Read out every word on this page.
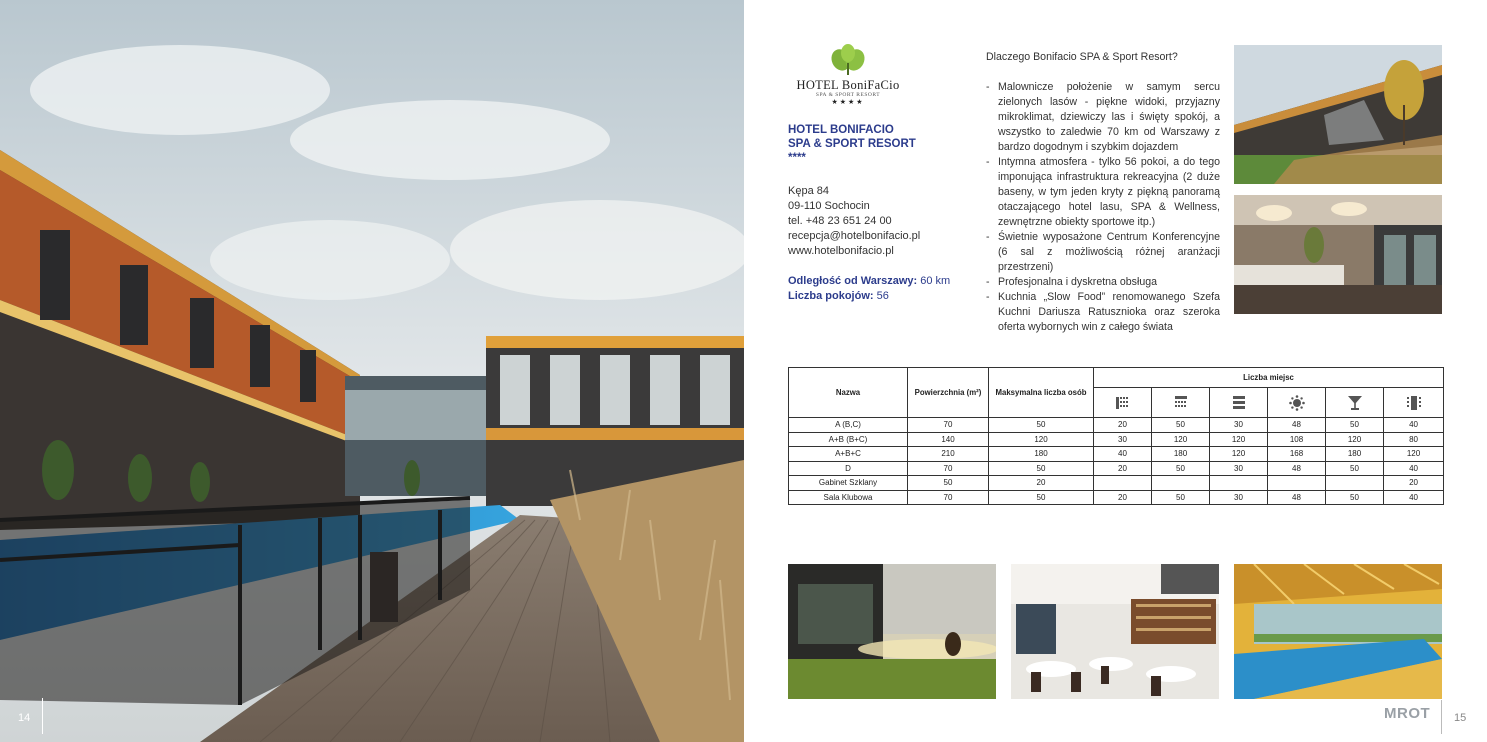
14
HOTEL BoniFaCio
SPA & SPORT RESORT
★★★★
HOTEL BONIFACIO
SPA & SPORT RESORT
****
Kępa 84
09-110 Sochocin
tel. +48 23 651 24 00
recepcja@hotelbonifacio.pl
www.hotelbonifacio.pl
Odległość od Warszawy: 60 km
Liczba pokojów: 56
Dlaczego Bonifacio SPA & Sport Resort?
- Malownicze położenie w samym sercu zielonych lasów - piękne widoki, przyjazny mikroklimat, dziewiczy las i święty spokój, a wszystko to zaledwie 70 km od Warszawy z bardzo dogodnym i szybkim dojazdem
- Intymna atmosfera - tylko 56 pokoi, a do tego imponująca infrastruktura rekreacyjna (2 duże baseny, w tym jeden kryty z piękną panoramą otaczającego hotel lasu, SPA & Wellness, zewnętrzne obiekty sportowe itp.)
- Świetnie wyposażone Centrum Konferencyjne (6 sal z możliwością różnej aranżacji przestrzeni)
- Profesjonalna i dyskretna obsługa
- Kuchnia „Slow Food” renomowanego Szefa Kuchni Dariusza Ratusznioka oraz szeroka oferta wybornych win z całego świata
Nazwa	Powierzchnia (m²)	Maksymalna liczba osób	Liczba miejsc					

A (B,C)	70	50	20	50	30	48	50	40
A+B (B+C)	140	120	30	120	120	108	120	80
A+B+C	210	180	40	180	120	168	180	120
D	70	50	20	50	30	48	50	40
Gabinet Szklany	50	20						20
Sala Klubowa	70	50	20	50	30	48	50	40
MROT 15
